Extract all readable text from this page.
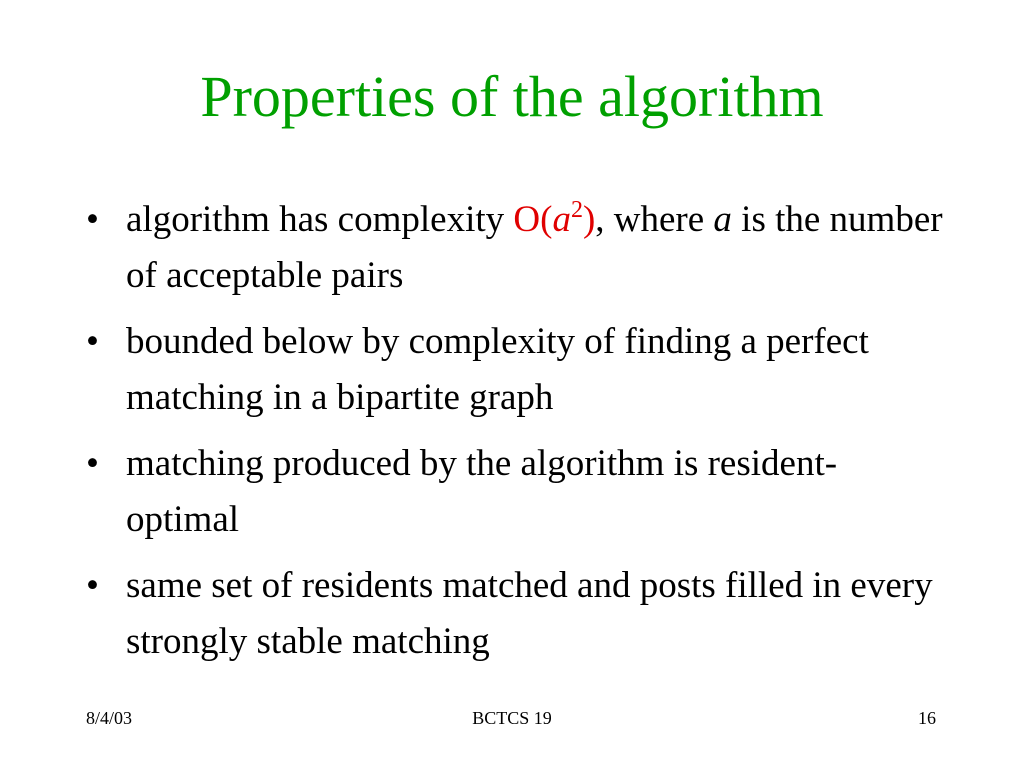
Properties of the algorithm
• algorithm has complexity $O(a^2)$, where a is the number of acceptable pairs
• bounded below by complexity of finding a perfect matching in a bipartite graph
• matching produced by the algorithm is resident-optimal
• same set of residents matched and posts filled in every strongly stable matching
8/4/03	BCTCS 19	16
